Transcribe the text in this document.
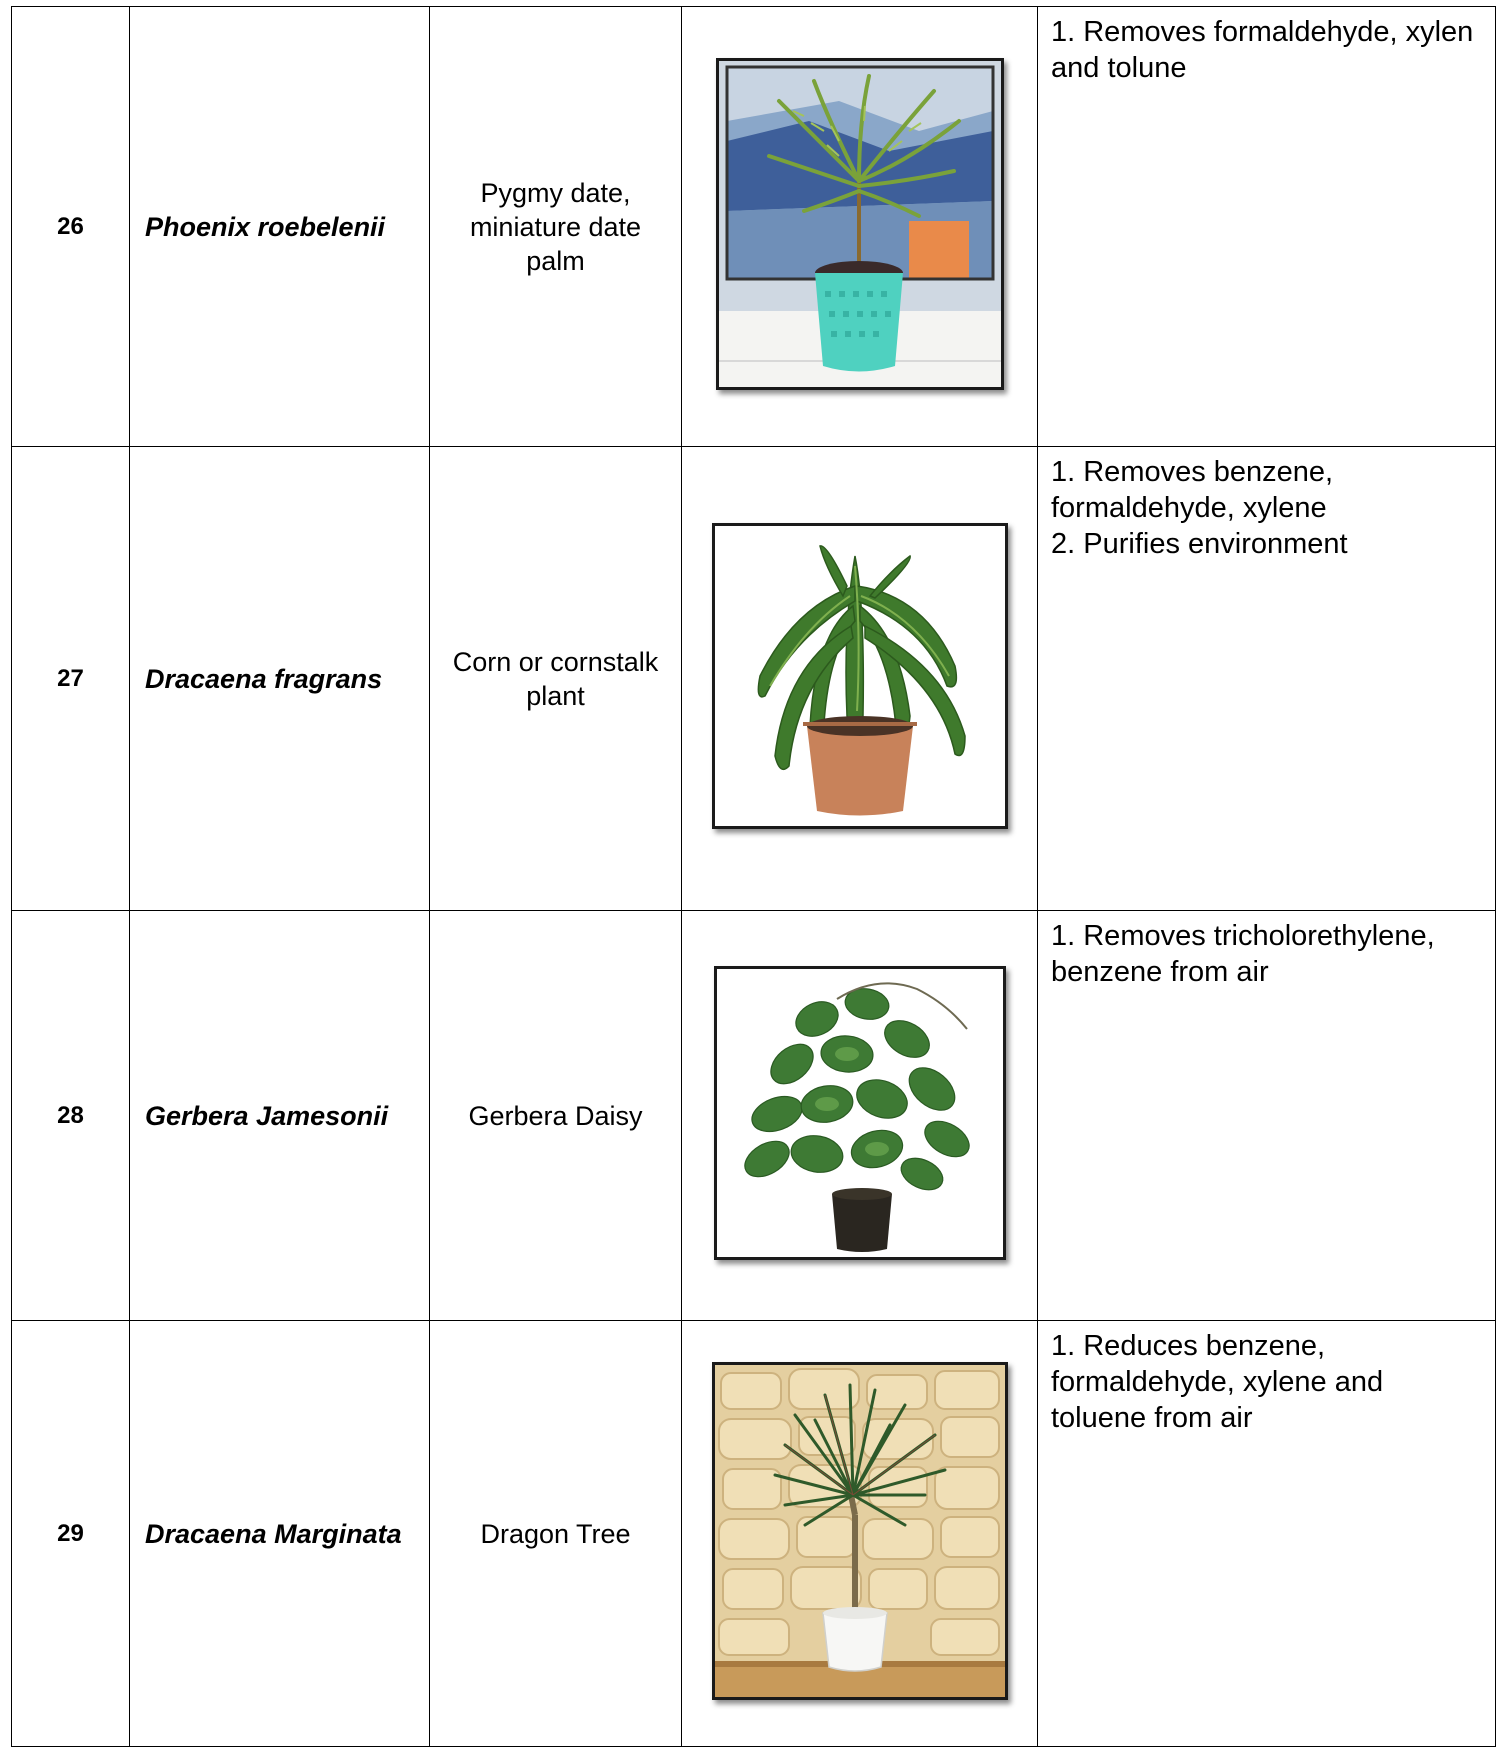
26	Phoenix roebelenii	Pygmy date, miniature date palm		1. Removes formaldehyde, xylen and tolune

27	Dracaena fragrans	Corn or cornstalk plant		1. Removes benzene, formaldehyde, xylene
2. Purifies environment

28	Gerbera Jamesonii	Gerbera Daisy		1. Removes tricholorethylene, benzene from air

29	Dracaena Marginata	Dragon Tree		1. Reduces benzene, formaldehyde, xylene and toluene from air
